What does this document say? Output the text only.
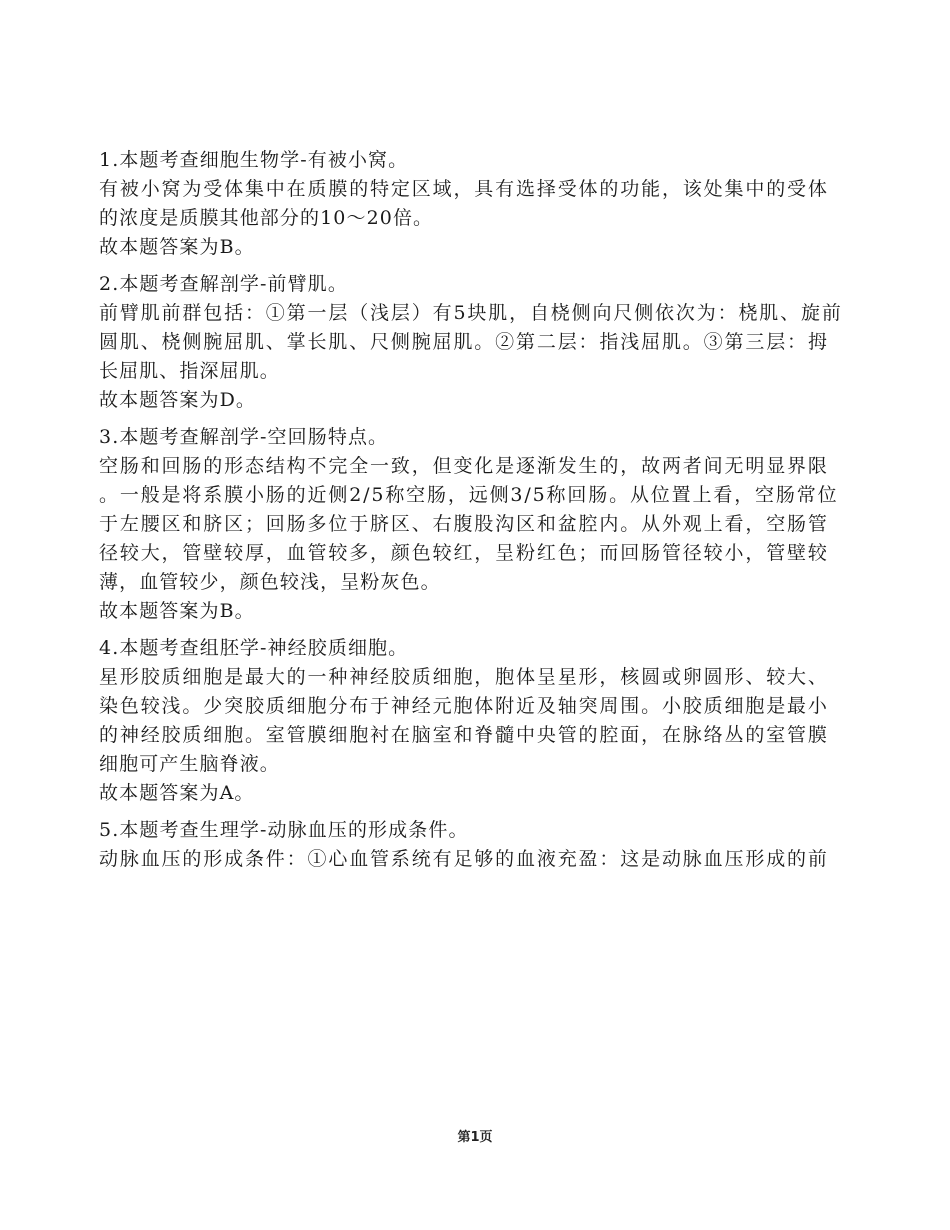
1.本题考查细胞生物学-有被小窝。
有被小窝为受体集中在质膜的特定区域，具有选择受体的功能，该处集中的受体
的浓度是质膜其他部分的10～20倍。
故本题答案为B。
2.本题考查解剖学-前臂肌。
前臂肌前群包括：①第一层（浅层）有5块肌，自桡侧向尺侧依次为：桡肌、旋前
圆肌、桡侧腕屈肌、掌长肌、尺侧腕屈肌。②第二层：指浅屈肌。③第三层：拇
长屈肌、指深屈肌。
故本题答案为D。
3.本题考查解剖学-空回肠特点。
空肠和回肠的形态结构不完全一致，但变化是逐渐发生的，故两者间无明显界限
。一般是将系膜小肠的近侧2/5称空肠，远侧3/5称回肠。从位置上看，空肠常位
于左腰区和脐区；回肠多位于脐区、右腹股沟区和盆腔内。从外观上看，空肠管
径较大，管壁较厚，血管较多，颜色较红，呈粉红色；而回肠管径较小，管壁较
薄，血管较少，颜色较浅，呈粉灰色。
故本题答案为B。
4.本题考查组胚学-神经胶质细胞。
星形胶质细胞是最大的一种神经胶质细胞，胞体呈星形，核圆或卵圆形、较大、
染色较浅。少突胶质细胞分布于神经元胞体附近及轴突周围。小胶质细胞是最小
的神经胶质细胞。室管膜细胞衬在脑室和脊髓中央管的腔面，在脉络丛的室管膜
细胞可产生脑脊液。
故本题答案为A。
5.本题考查生理学-动脉血压的形成条件。
动脉血压的形成条件：①心血管系统有足够的血液充盈：这是动脉血压形成的前
第1页
